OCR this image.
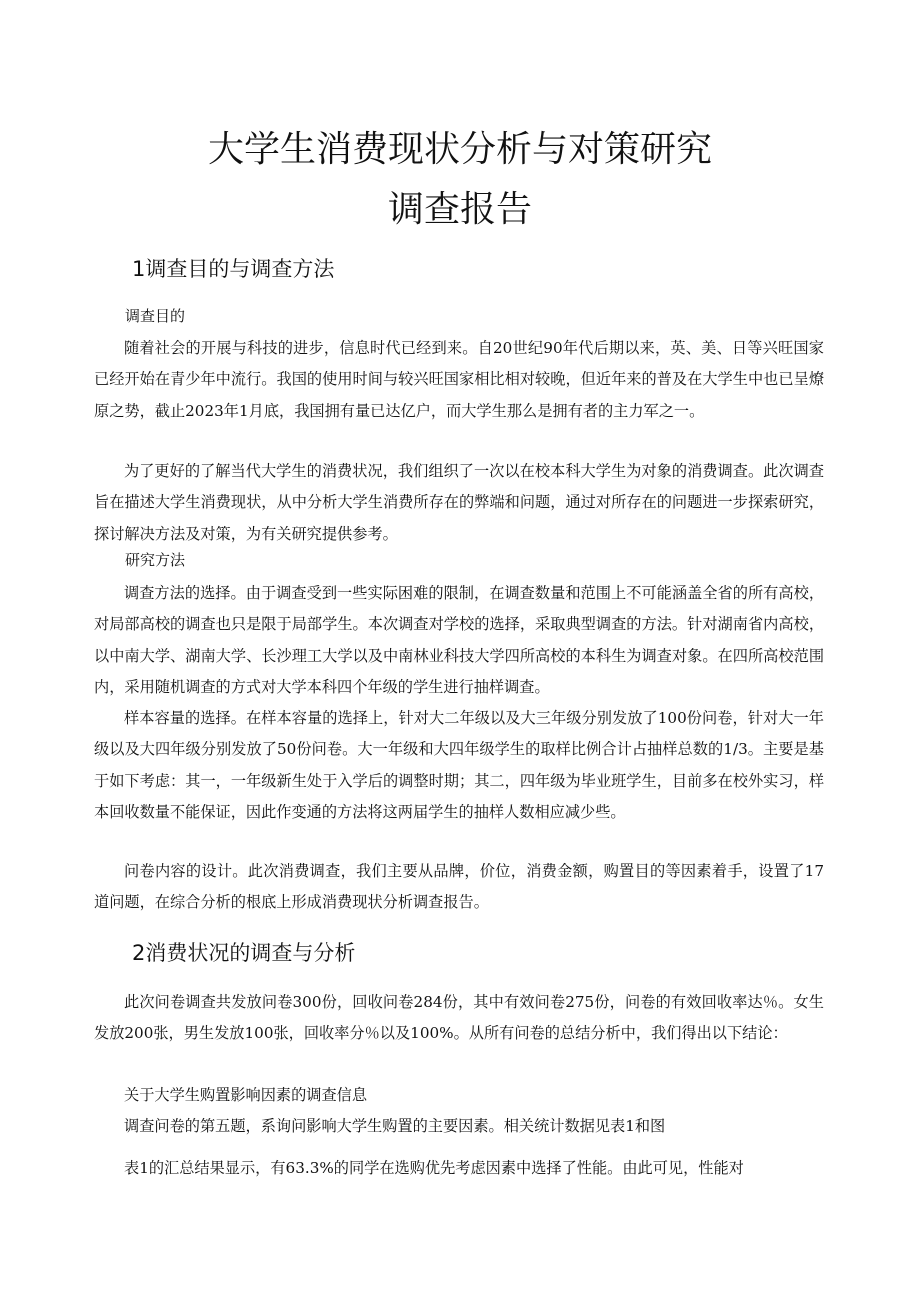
大学生消费现状分析与对策研究
调查报告
1调查目的与调查方法
调查目的

随着社会的开展与科技的进步，信息时代已经到来。自20世纪90年代后期以来，英、美、日等兴旺国家已经开始在青少年中流行。我国的使用时间与较兴旺国家相比相对较晚，但近年来的普及在大学生中也已呈燎原之势，截止2023年1月底，我国拥有量已达亿户，而大学生那么是拥有者的主力军之一。

为了更好的了解当代大学生的消费状况，我们组织了一次以在校本科大学生为对象的消费调查。此次调查旨在描述大学生消费现状，从中分析大学生消费所存在的弊端和问题，通过对所存在的问题进一步探索研究，探讨解决方法及对策，为有关研究提供参考。

研究方法

调查方法的选择。由于调查受到一些实际困难的限制，在调查数量和范围上不可能涵盖全省的所有高校，对局部高校的调查也只是限于局部学生。本次调查对学校的选择，采取典型调查的方法。针对湖南省内高校，以中南大学、湖南大学、长沙理工大学以及中南林业科技大学四所高校的本科生为调查对象。在四所高校范围内，采用随机调查的方式对大学本科四个年级的学生进行抽样调查。

样本容量的选择。在样本容量的选择上，针对大二年级以及大三年级分别发放了100份问卷，针对大一年级以及大四年级分别发放了50份问卷。大一年级和大四年级学生的取样比例合计占抽样总数的1/3。主要是基于如下考虑：其一，一年级新生处于入学后的调整时期；其二，四年级为毕业班学生，目前多在校外实习，样本回收数量不能保证，因此作变通的方法将这两届学生的抽样人数相应减少些。

问卷内容的设计。此次消费调查，我们主要从品牌，价位，消费金额，购置目的等因素着手，设置了17道问题，在综合分析的根底上形成消费现状分析调查报告。

2消费状况的调查与分析

此次问卷调查共发放问卷300份，回收问卷284份，其中有效问卷275份，问卷的有效回收率达％。女生发放200张，男生发放100张，回收率分％以及100%。从所有问卷的总结分析中，我们得出以下结论：

关于大学生购置影响因素的调查信息
调查问卷的第五题，系询问影响大学生购置的主要因素。相关统计数据见表1和图
表1的汇总结果显示，有63.3%的同学在选购优先考虑因素中选择了性能。由此可见，性能对
